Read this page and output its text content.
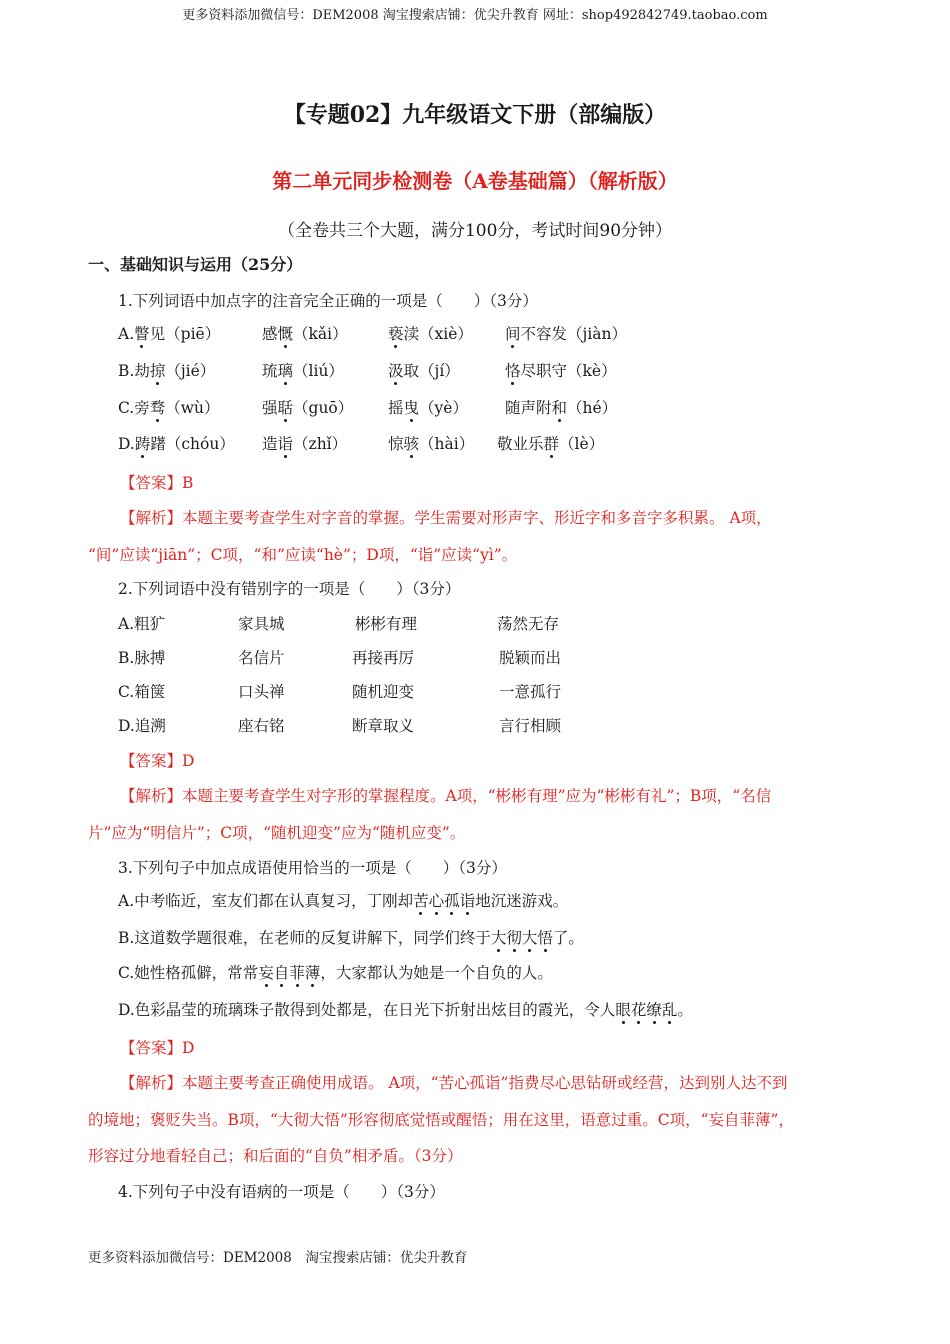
更多资料添加微信号：DEM2008 淘宝搜索店铺：优尖升教育 网址：shop492842749.taobao.com
【专题02】九年级语文下册（部编版）
第二单元同步检测卷（A卷基础篇）（解析版）
（全卷共三个大题，满分100分，考试时间90分钟）
一、基础知识与运用（25分）
1.下列词语中加点字的注音完全正确的一项是（　　）（3分）
A.瞥见（piē）	感慨（kǎi）	亵渎（xiè） 间不容发（jiàn）
B.劫掠（jié）	琉璃（liú）	汲取（jí）	恪尽职守（kè）
C.旁骛（wù）	强聒（guō） 摇曳（yè） 随声附和（hé）
D.踌躇（chóu） 造诣（zhǐ）	惊骇（hài） 敬业乐群（lè）
【答案】B
【解析】本题主要考查学生对字音的掌握。学生需要对形声字、形近字和多音字多积累。 A项，
“间”应读“jiān”；C项，“和”应读“hè”；D项，“诣”应读“yì”。
2.下列词语中没有错别字的一项是（　　）（3分）
A.粗犷	家具城	彬彬有理	荡然无存
B.脉搏	名信片	再接再厉	脱颖而出
C.箱箧	口头禅	随机迎变	一意孤行
D.追溯	座右铭	断章取义	言行相顾
【答案】D
【解析】本题主要考查学生对字形的掌握程度。A项，“彬彬有理”应为“彬彬有礼”；B项，“名信
片”应为“明信片”；C项，“随机迎变”应为“随机应变”。
3.下列句子中加点成语使用恰当的一项是（　　）（3分）
A.中考临近，室友们都在认真复习，丁刚却苦心孤诣地沉迷游戏。
B.这道数学题很难，在老师的反复讲解下，同学们终于大彻大悟了。
C.她性格孤僻，常常妄自菲薄，大家都认为她是一个自负的人。
D.色彩晶莹的琉璃珠子散得到处都是，在日光下折射出炫目的霞光，令人眼花缭乱。
【答案】D
【解析】本题主要考查正确使用成语。 A项，“苦心孤诣”指费尽心思钻研或经营，达到别人达不到
的境地；褒贬失当。B项，“大彻大悟”形容彻底觉悟或醒悟；用在这里，语意过重。C项，“妄自菲薄”，
形容过分地看轻自己；和后面的“自负”相矛盾。（3分）
4.下列句子中没有语病的一项是（　　）（3分）
更多资料添加微信号：DEM2008　淘宝搜索店铺：优尖升教育
